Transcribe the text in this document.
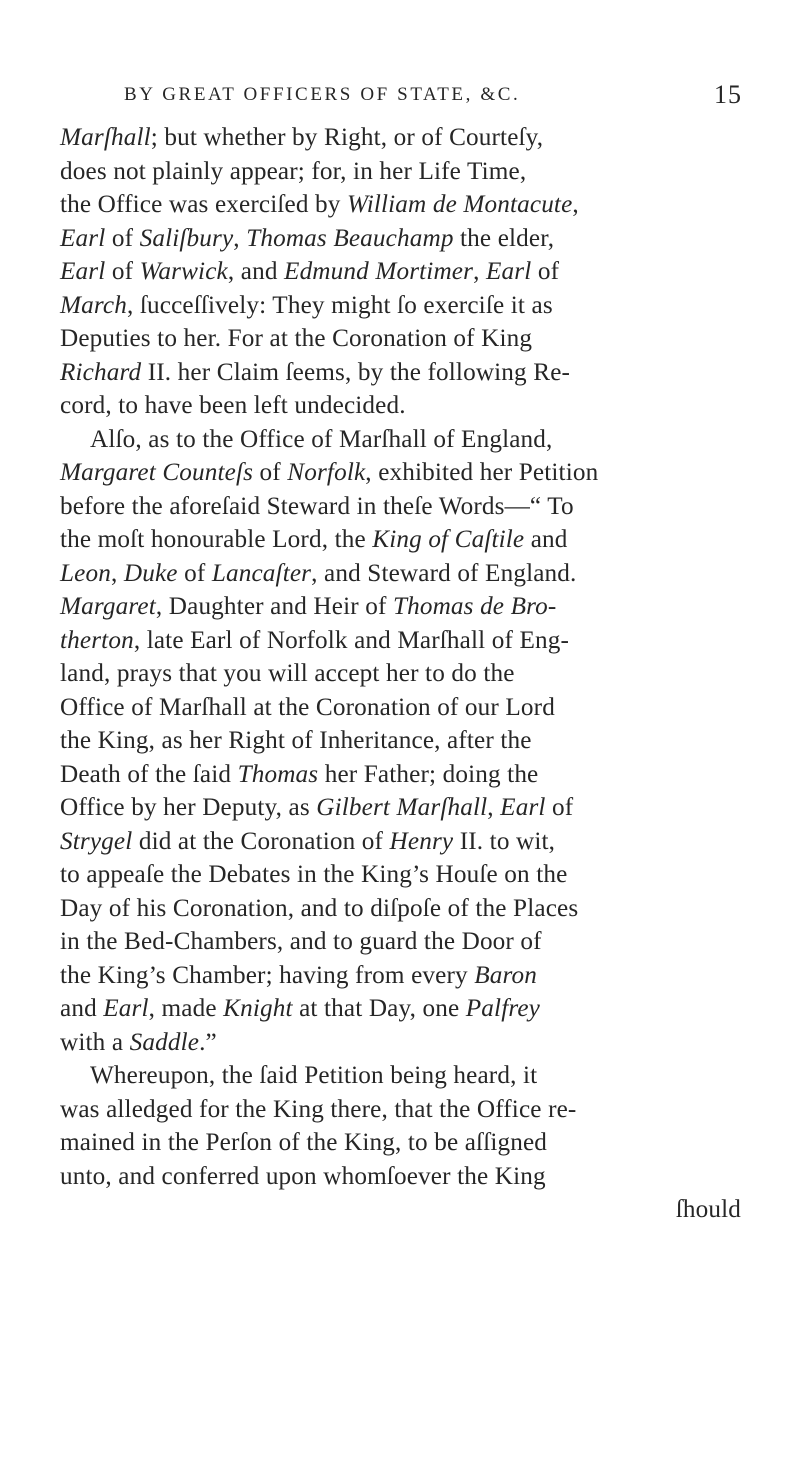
BY GREAT OFFICERS OF STATE, &C.	15
Marſhall; but whether by Right, or of Courteſy,
does not plainly appear; for, in her Life Time,
the Office was exerciſed by William de Montacute,
Earl of Saliſbury, Thomas Beauchamp the elder,
Earl of Warwick, and Edmund Mortimer, Earl of
March, ſucceſſively: They might ſo exerciſe it as
Deputies to her. For at the Coronation of King
Richard II. her Claim ſeems, by the following Re-
cord, to have been left undecided.
Alſo, as to the Office of Marſhall of England,
Margaret Counteſs of Norfolk, exhibited her Petition
before the aforeſaid Steward in theſe Words—“ To
the moſt honourable Lord, the King of Caſtile and
Leon, Duke of Lancaſter, and Steward of England.
Margaret, Daughter and Heir of Thomas de Bro-
therton, late Earl of Norfolk and Marſhall of Eng-
land, prays that you will accept her to do the
Office of Marſhall at the Coronation of our Lord
the King, as her Right of Inheritance, after the
Death of the ſaid Thomas her Father; doing the
Office by her Deputy, as Gilbert Marſhall, Earl of
Strygel did at the Coronation of Henry II. to wit,
to appeaſe the Debates in the King’s Houſe on the
Day of his Coronation, and to diſpoſe of the Places
in the Bed-Chambers, and to guard the Door of
the King’s Chamber; having from every Baron
and Earl, made Knight at that Day, one Palfrey
with a Saddle.”
Whereupon, the ſaid Petition being heard, it
was alledged for the King there, that the Office re-
mained in the Perſon of the King, to be aſſigned
unto, and conferred upon whomſoever the King
ſhould
